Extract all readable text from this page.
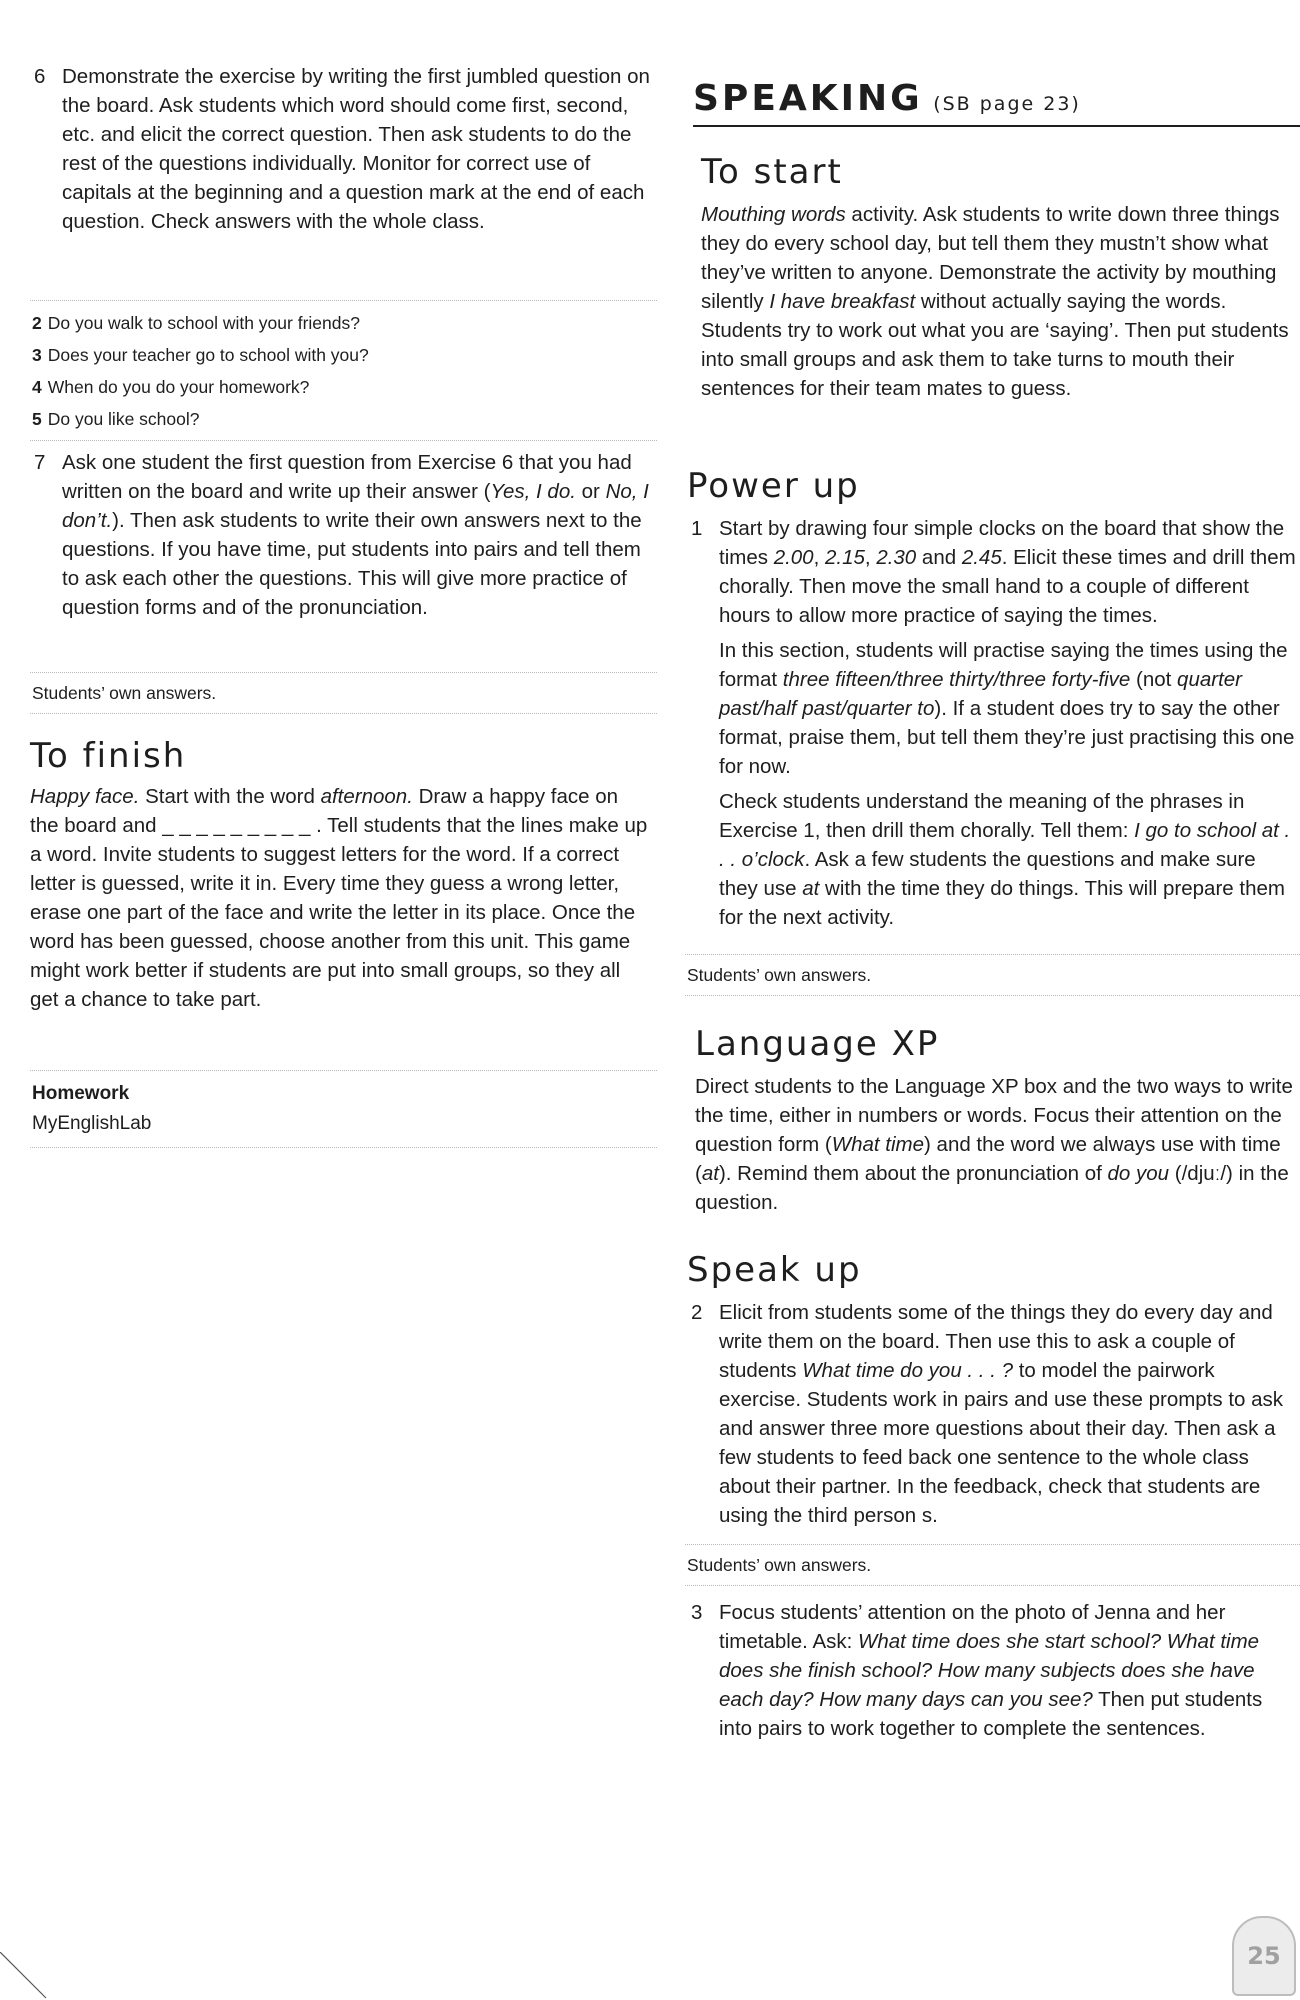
6 Demonstrate the exercise by writing the first jumbled question on the board. Ask students which word should come first, second, etc. and elicit the correct question. Then ask students to do the rest of the questions individually. Monitor for correct use of capitals at the beginning and a question mark at the end of each question. Check answers with the whole class.

2 Do you walk to school with your friends?
3 Does your teacher go to school with you?
4 When do you do your homework?
5 Do you like school?

7 Ask one student the first question from Exercise 6 that you had written on the board and write up their answer (Yes, I do. or No, I don’t.). Then ask students to write their own answers next to the questions. If you have time, put students into pairs and tell them to ask each other the questions. This will give more practice of question forms and of the pronunciation.

Students’ own answers.
To finish

Happy face. Start with the word afternoon. Draw a happy face on the board and _ _ _ _ _ _ _ _ _ . Tell students that the lines make up a word. Invite students to suggest letters for the word. If a correct letter is guessed, write it in. Every time they guess a wrong letter, erase one part of the face and write the letter in its place. Once the word has been guessed, choose another from this unit. This game might work better if students are put into small groups, so they all get a chance to take part.

Homework
MyEnglishLab
SPEAKING (SB page 23)
To start

Mouthing words activity. Ask students to write down three things they do every school day, but tell them they mustn’t show what they’ve written to anyone. Demonstrate the activity by mouthing silently I have breakfast without actually saying the words. Students try to work out what you are ‘saying’. Then put students into small groups and ask them to take turns to mouth their sentences for their team mates to guess.

Power up

1 Start by drawing four simple clocks on the board that show the times 2.00, 2.15, 2.30 and 2.45. Elicit these times and drill them chorally. Then move the small hand to a couple of different hours to allow more practice of saying the times.

In this section, students will practise saying the times using the format three fifteen/three thirty/three forty-five (not quarter past/half past/quarter to). If a student does try to say the other format, praise them, but tell them they’re just practising this one for now.

Check students understand the meaning of the phrases in Exercise 1, then drill them chorally. Tell them: I go to school at . . . o’clock. Ask a few students the questions and make sure they use at with the time they do things. This will prepare them for the next activity.

Students’ own answers.
Language XP

Direct students to the Language XP box and the two ways to write the time, either in numbers or words. Focus their attention on the question form (What time) and the word we always use with time (at). Remind them about the pronunciation of do you (/djuː/) in the question.

Speak up

2 Elicit from students some of the things they do every day and write them on the board. Then use this to ask a couple of students What time do you . . . ? to model the pairwork exercise. Students work in pairs and use these prompts to ask and answer three more questions about their day. Then ask a few students to feed back one sentence to the whole class about their partner. In the feedback, check that students are using the third person s.

Students’ own answers.

3 Focus students’ attention on the photo of Jenna and her timetable. Ask: What time does she start school? What time does she finish school? How many subjects does she have each day? How many days can you see? Then put students into pairs to work together to complete the sentences.

25
